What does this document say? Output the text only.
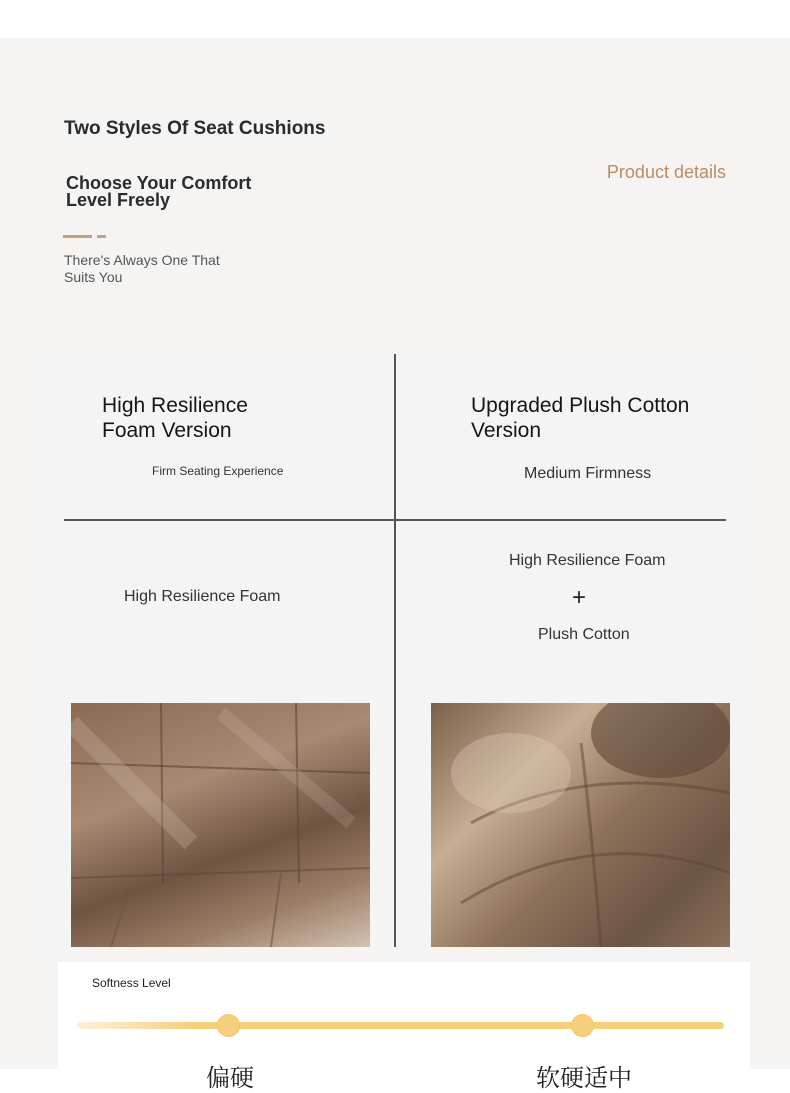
Two Styles Of Seat Cushions
Choose Your Comfort Level Freely
There's Always One That Suits You
Product details
High Resilience Foam Version
Upgraded Plush Cotton Version
Firm Seating Experience	Medium Firmness
High Resilience Foam
High Resilience Foam
+
Plush Cotton
Softness Level
偏硬	软硬适中
